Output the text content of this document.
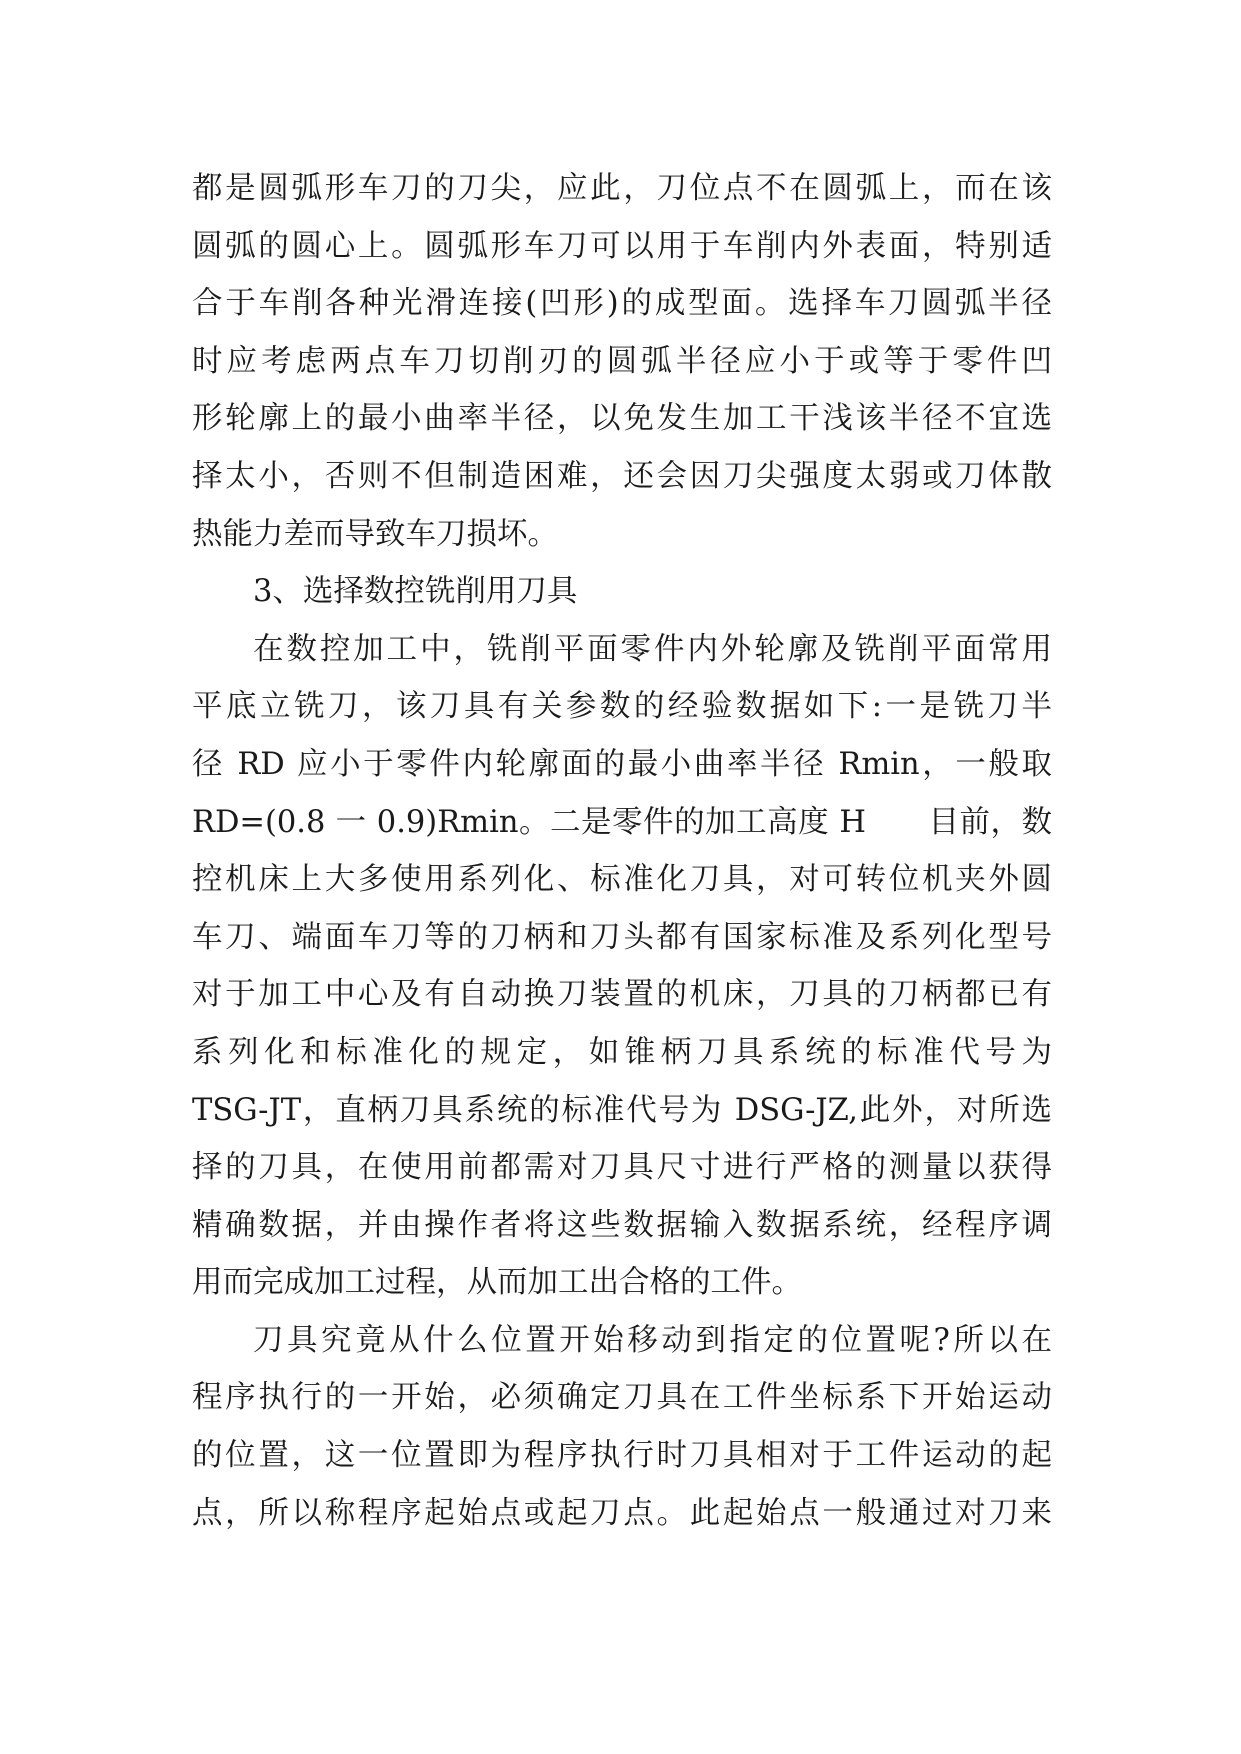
都是圆弧形车刀的刀尖，应此，刀位点不在圆弧上，而在该
圆弧的圆心上。圆弧形车刀可以用于车削内外表面，特别适
合于车削各种光滑连接(凹形)的成型面。选择车刀圆弧半径
时应考虑两点车刀切削刃的圆弧半径应小于或等于零件凹
形轮廓上的最小曲率半径，以免发生加工干浅该半径不宜选
择太小，否则不但制造困难，还会因刀尖强度太弱或刀体散
热能力差而导致车刀损坏。
3、选择数控铣削用刀具
在数控加工中，铣削平面零件内外轮廓及铣削平面常用
平底立铣刀，该刀具有关参数的经验数据如下:一是铣刀半
径 RD 应小于零件内轮廓面的最小曲率半径 Rmin，一般取
RD=(0.8 一 0.9)Rmin。二是零件的加工高度 H　　目前，数
控机床上大多使用系列化、标准化刀具，对可转位机夹外圆
车刀、端面车刀等的刀柄和刀头都有国家标准及系列化型号
对于加工中心及有自动换刀装置的机床，刀具的刀柄都已有
系列化和标准化的规定，如锥柄刀具系统的标准代号为
TSG-JT，直柄刀具系统的标准代号为 DSG-JZ,此外，对所选
择的刀具，在使用前都需对刀具尺寸进行严格的测量以获得
精确数据，并由操作者将这些数据输入数据系统，经程序调
用而完成加工过程，从而加工出合格的工件。
刀具究竟从什么位置开始移动到指定的位置呢?所以在
程序执行的一开始，必须确定刀具在工件坐标系下开始运动
的位置，这一位置即为程序执行时刀具相对于工件运动的起
点，所以称程序起始点或起刀点。此起始点一般通过对刀来
